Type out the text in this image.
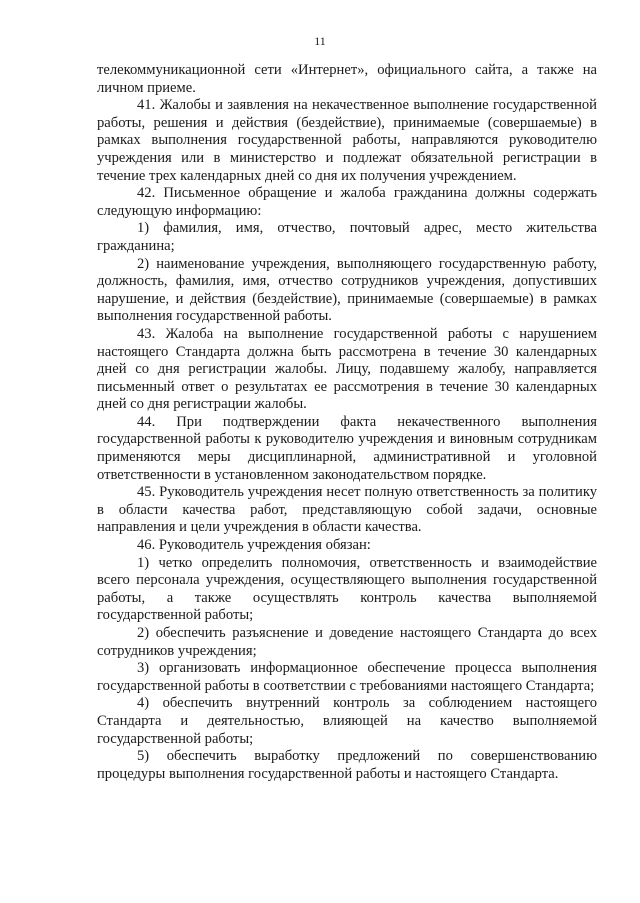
11

телекоммуникационной сети «Интернет», официального сайта, а также на личном приеме.

41. Жалобы и заявления на некачественное выполнение государственной работы, решения и действия (бездействие), принимаемые (совершаемые) в рамках выполнения государственной работы, направляются руководителю учреждения или в министерство и подлежат обязательной регистрации в течение трех календарных дней со дня их получения учреждением.

42. Письменное обращение и жалоба гражданина должны содержать следующую информацию:

1) фамилия, имя, отчество, почтовый адрес, место жительства гражданина;

2) наименование учреждения, выполняющего государственную работу, должность, фамилия, имя, отчество сотрудников учреждения, допустивших нарушение, и действия (бездействие), принимаемые (совершаемые) в рамках выполнения государственной работы.

43. Жалоба на выполнение государственной работы с нарушением настоящего Стандарта должна быть рассмотрена в течение 30 календарных дней со дня регистрации жалобы. Лицу, подавшему жалобу, направляется письменный ответ о результатах ее рассмотрения в течение 30 календарных дней со дня регистрации жалобы.

44. При подтверждении факта некачественного выполнения государственной работы к руководителю учреждения и виновным сотрудникам применяются меры дисциплинарной, административной и уголовной ответственности в установленном законодательством порядке.

45. Руководитель учреждения несет полную ответственность за политику в области качества работ, представляющую собой задачи, основные направления и цели учреждения в области качества.

46. Руководитель учреждения обязан:

1) четко определить полномочия, ответственность и взаимодействие всего персонала учреждения, осуществляющего выполнения государственной работы, а также осуществлять контроль качества выполняемой государственной работы;

2) обеспечить разъяснение и доведение настоящего Стандарта до всех сотрудников учреждения;

3) организовать информационное обеспечение процесса выполнения государственной работы в соответствии с требованиями настоящего Стандарта;

4) обеспечить внутренний контроль за соблюдением настоящего Стандарта и деятельностью, влияющей на качество выполняемой государственной работы;

5) обеспечить выработку предложений по совершенствованию процедуры выполнения государственной работы и настоящего Стандарта.
